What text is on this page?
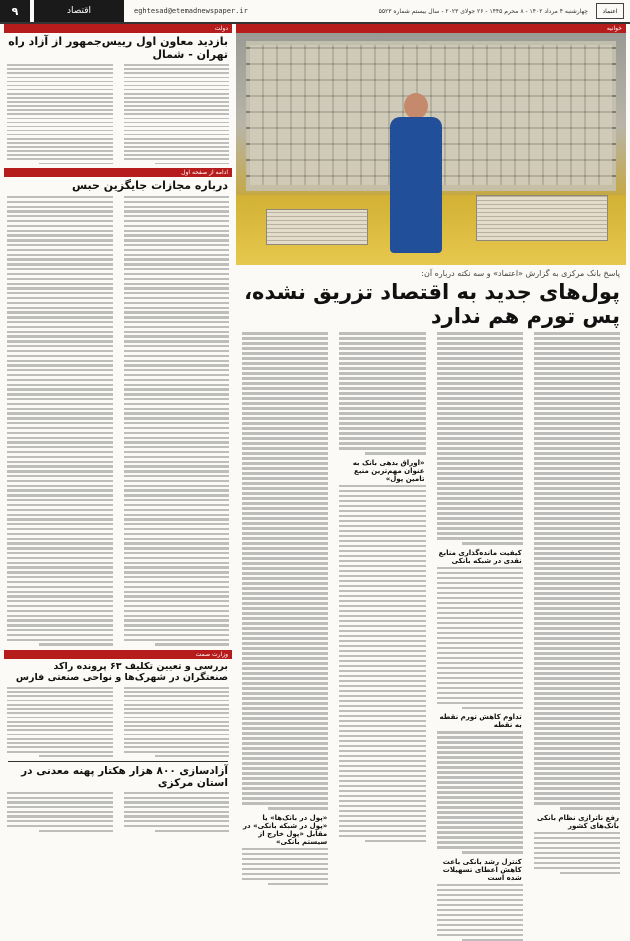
۹	اقتصاد	eghtesad@etemadnewspaper.ir	چهارشنبه ۴ مرداد ۱۴۰۲ - ۸ محرم ۱۴۴۵ - ۲۶ جولای ۲۰۲۳ - سال بیستم شماره ۵۵۲۳	اعتماد
دولت
بازدید معاون اول رییس‌جمهور از آزاد راه تهران - شمال
ادامه از صفحه اول
درباره مجازات جایگزین حبس
وزارت صمت
بررسی و تعیین تکلیف ۶۳ پرونده راکد صنعتگران در شهرک‌ها و نواحی صنعتی فارس
آزادسازی ۸۰۰ هزار هکتار پهنه معدنی در استان مرکزی
خوانیه
پاسخ بانک مرکزی به گزارش «اعتماد» و سه نکته درباره آن:
پول‌های جدید به اقتصاد تزریق نشده، پس تورم هم ندارد
رفع ناترازی نظام بانکی بانک‌های کشور
کیفیت مانده‌گذاری منابع نقدی در شبکه بانکی
تداوم کاهش تورم نقطه به نقطه
کنترل رشد بانکی باعث کاهش اعطای تسهیلات شده است
«اوراق بدهی بانک به عنوان مهم‌ترین منبع تامین پول»
«پول در بانک‌ها» یا «پول در شبکه بانکی» در مقابل «پول خارج از سیستم بانکی»
